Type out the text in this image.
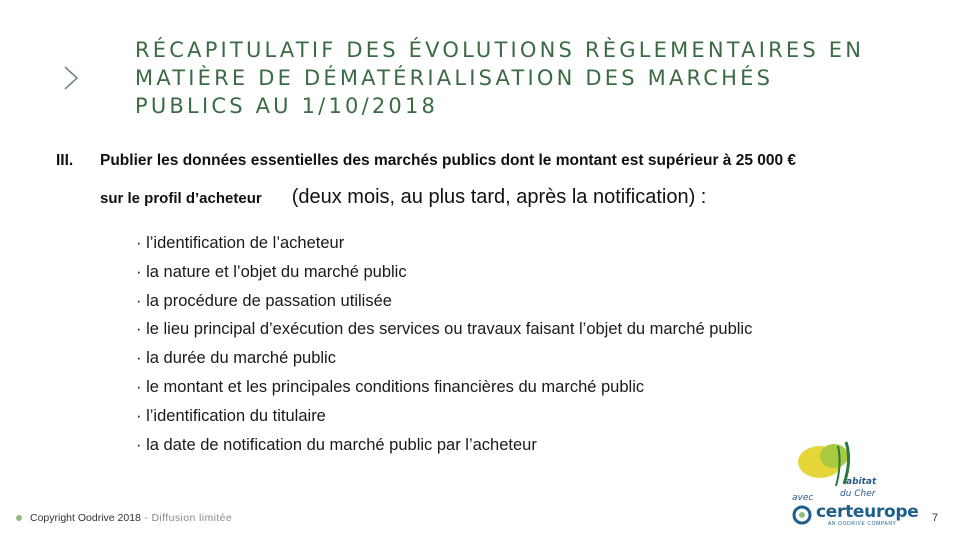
RÉCAPITULATIF DES ÉVOLUTIONS RÈGLEMENTAIRES EN
MATIÈRE DE DÉMATÉRIALISATION DES MARCHÉS
PUBLICS AU 1/10/2018
III. Publier les données essentielles des marchés publics dont le montant est supérieur à 25 000 €
sur le profil d’acheteur (deux mois, au plus tard, après la notification) :
· l’identification de l’acheteur
· la nature et l’objet du marché public
· la procédure de passation utilisée
· le lieu principal d’exécution des services ou travaux faisant l’objet du marché public
· la durée du marché public
· le montant et les principales conditions financières du marché public
· l’identification du titulaire
· la date de notification du marché public par l’acheteur
avec
abitat
du Cher
certeurope
AN OODRIVE COMPANY
Copyright Oodrive 2018 - Diffusion limitée	7
